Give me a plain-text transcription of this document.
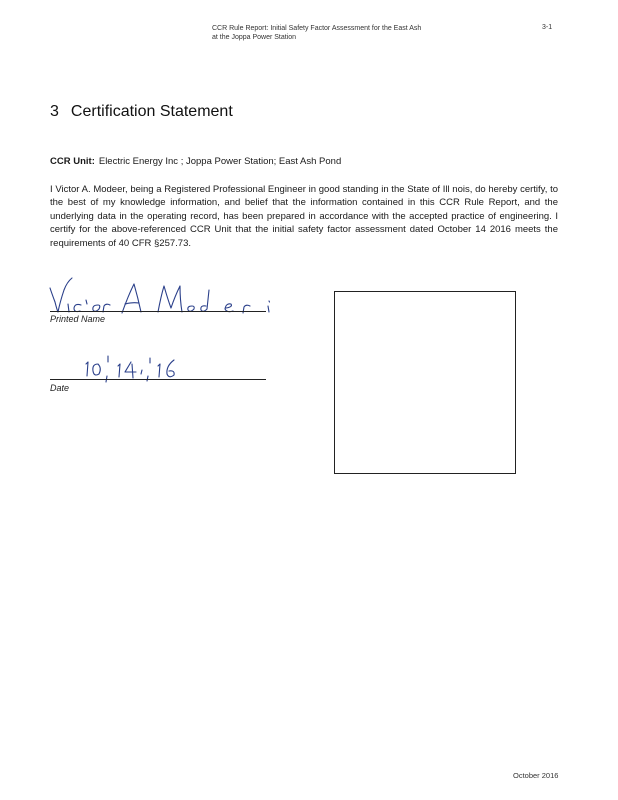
CCR Rule Report: Initial Safety Factor Assessment for the East Ash
at the Joppa Power Station
3-1
3 Certification Statement
CCR Unit: Electric Energy Inc ; Joppa Power Station; East Ash Pond
I Victor A. Modeer, being a Registered Professional Engineer in good standing in the State of Ill nois, do hereby certify, to the best of my knowledge information, and belief that the information contained in this CCR Rule Report, and the underlying data in the operating record, has been prepared in accordance with the accepted practice of engineering. I certify for the above-referenced CCR Unit that the initial safety factor assessment dated October 14 2016 meets the requirements of 40 CFR §257.73.
Printed Name
Date
October 2016
